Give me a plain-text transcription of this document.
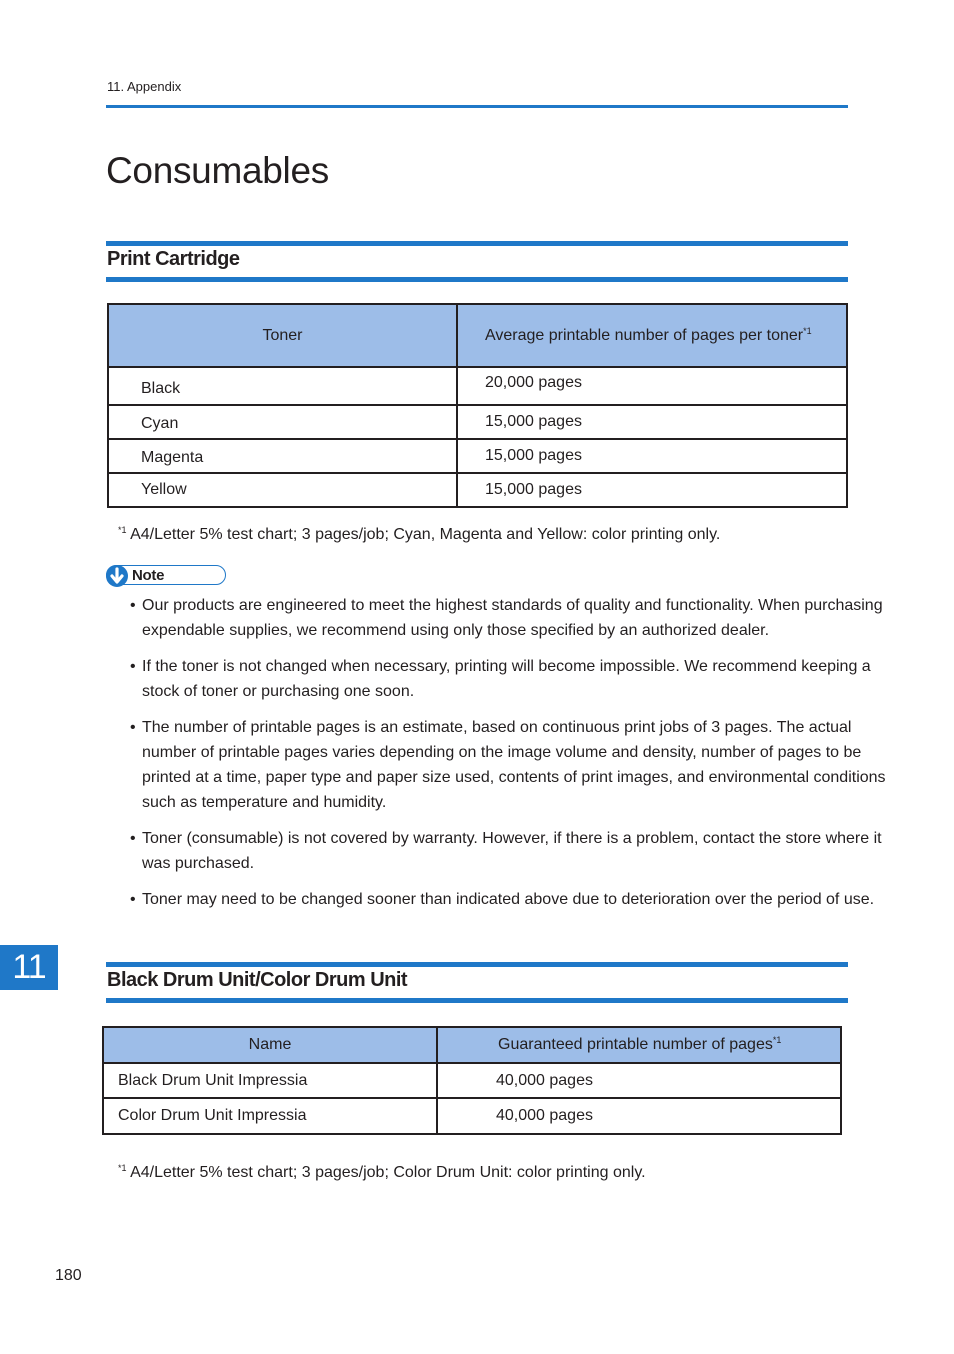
11. Appendix
Consumables
Print Cartridge
Toner	Average printable number of pages per toner$^{*1}$
Black	20,000 pages
Cyan	15,000 pages
Magenta	15,000 pages
Yellow	15,000 pages
$^{*1}$ A4/Letter 5% test chart; 3 pages/job; Cyan, Magenta and Yellow: color printing only.
Note
• Our products are engineered to meet the highest standards of quality and functionality. When purchasing expendable supplies, we recommend using only those specified by an authorized dealer.
• If the toner is not changed when necessary, printing will become impossible. We recommend keeping a stock of toner or purchasing one soon.
• The number of printable pages is an estimate, based on continuous print jobs of 3 pages. The actual number of printable pages varies depending on the image volume and density, number of pages to be printed at a time, paper type and paper size used, contents of print images, and environmental conditions such as temperature and humidity.
• Toner (consumable) is not covered by warranty. However, if there is a problem, contact the store where it was purchased.
• Toner may need to be changed sooner than indicated above due to deterioration over the period of use.
11	Black Drum Unit/Color Drum Unit
Name	Guaranteed printable number of pages$^{*1}$
Black Drum Unit Impressia	40,000 pages
Color Drum Unit Impressia	40,000 pages
$^{*1}$ A4/Letter 5% test chart; 3 pages/job; Color Drum Unit: color printing only.
180
